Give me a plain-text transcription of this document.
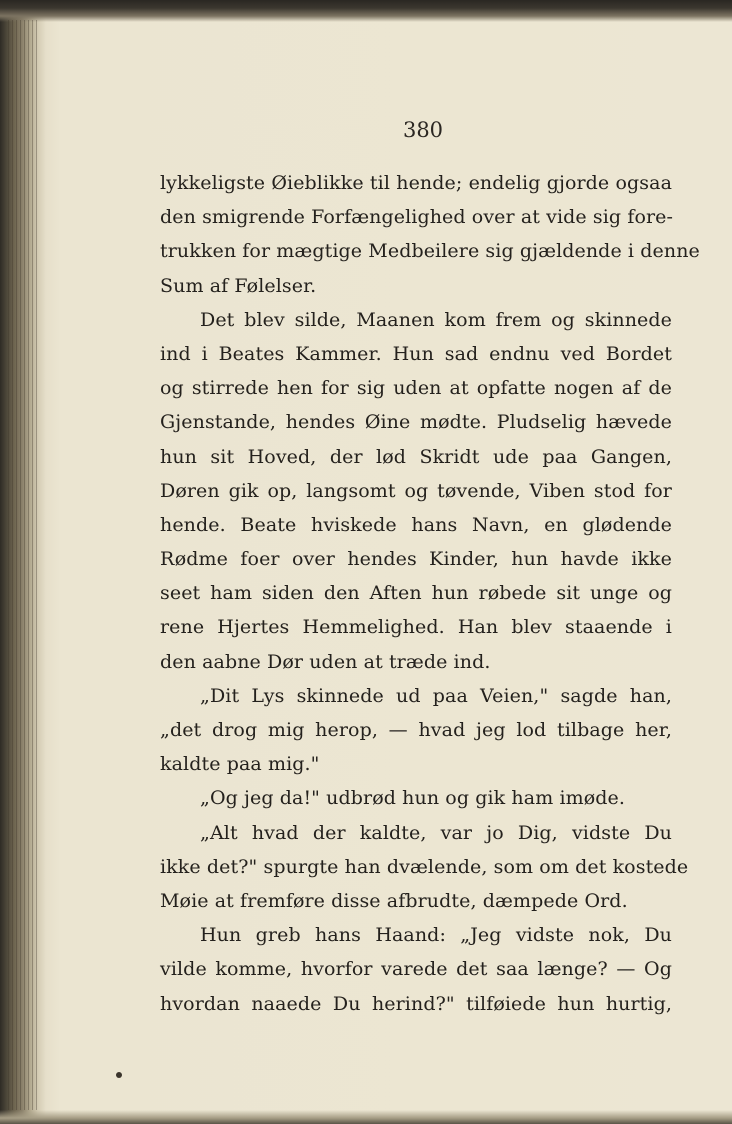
380
lykkeligste Øieblikke til hende; endelig gjorde ogsaa
den smigrende Forfængelighed over at vide sig fore-
trukken for mægtige Medbeilere sig gjældende i denne
Sum af Følelser.
Det blev silde, Maanen kom frem og skinnede
ind i Beates Kammer. Hun sad endnu ved Bordet
og stirrede hen for sig uden at opfatte nogen af de
Gjenstande, hendes Øine mødte. Pludselig hævede
hun sit Hoved, der lød Skridt ude paa Gangen,
Døren gik op, langsomt og tøvende, Viben stod for
hende. Beate hviskede hans Navn, en glødende
Rødme foer over hendes Kinder, hun havde ikke
seet ham siden den Aften hun røbede sit unge og
rene Hjertes Hemmelighed. Han blev staaende i
den aabne Dør uden at træde ind.
„Dit Lys skinnede ud paa Veien," sagde han,
„det drog mig herop, — hvad jeg lod tilbage her,
kaldte paa mig."
„Og jeg da!" udbrød hun og gik ham imøde.
„Alt hvad der kaldte, var jo Dig, vidste Du
ikke det?" spurgte han dvælende, som om det kostede
Møie at fremføre disse afbrudte, dæmpede Ord.
Hun greb hans Haand: „Jeg vidste nok, Du
vilde komme, hvorfor varede det saa længe? — Og
hvordan naaede Du herind?" tilføiede hun hurtig,
